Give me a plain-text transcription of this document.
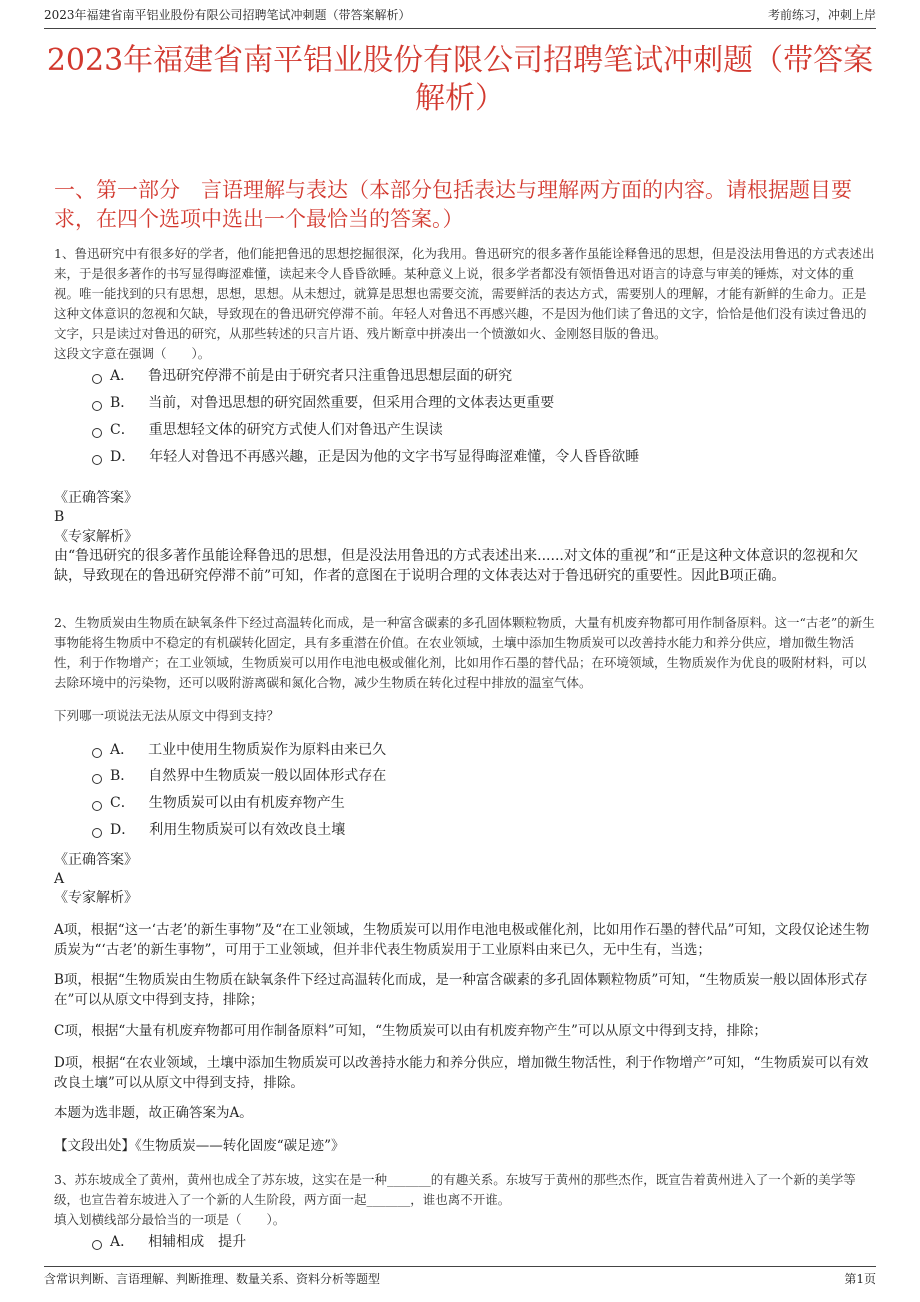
2023年福建省南平铝业股份有限公司招聘笔试冲刺题（带答案解析）	考前练习，冲刺上岸
2023年福建省南平铝业股份有限公司招聘笔试冲刺题（带答案解析）
一、第一部分　言语理解与表达（本部分包括表达与理解两方面的内容。请根据题目要求，在四个选项中选出一个最恰当的答案。）

1、鲁迅研究中有很多好的学者，他们能把鲁迅的思想挖掘很深，化为我用。鲁迅研究的很多著作虽能诠释鲁迅的思想，但是没法用鲁迅的方式表述出来，于是很多著作的书写显得晦涩难懂，读起来令人昏昏欲睡。某种意义上说，很多学者都没有领悟鲁迅对语言的诗意与审美的锤炼，对文体的重视。唯一能找到的只有思想，思想，思想。从未想过，就算是思想也需要交流，需要鲜活的表达方式，需要别人的理解，才能有新鲜的生命力。正是这种文体意识的忽视和欠缺，导致现在的鲁迅研究停滞不前。年轻人对鲁迅不再感兴趣，不是因为他们读了鲁迅的文字，恰恰是他们没有读过鲁迅的文字，只是读过对鲁迅的研究，从那些转述的只言片语、残片断章中拼凑出一个愤激如火、金刚怒目版的鲁迅。

这段文字意在强调（　　）。

A． 鲁迅研究停滞不前是由于研究者只注重鲁迅思想层面的研究
B． 当前，对鲁迅思想的研究固然重要，但采用合理的文体表达更重要
C． 重思想轻文体的研究方式使人们对鲁迅产生误读
D． 年轻人对鲁迅不再感兴趣，正是因为他的文字书写显得晦涩难懂，令人昏昏欲睡

《正确答案》

B

《专家解析》

由“鲁迅研究的很多著作虽能诠释鲁迅的思想，但是没法用鲁迅的方式表述出来......对文体的重视”和“正是这种文体意识的忽视和欠缺，导致现在的鲁迅研究停滞不前”可知，作者的意图在于说明合理的文体表达对于鲁迅研究的重要性。因此B项正确。

2、生物质炭由生物质在缺氧条件下经过高温转化而成，是一种富含碳素的多孔固体颗粒物质，大量有机废弃物都可用作制备原料。这一“古老”的新生事物能将生物质中不稳定的有机碳转化固定，具有多重潜在价值。在农业领域，土壤中添加生物质炭可以改善持水能力和养分供应，增加微生物活性，利于作物增产；在工业领域，生物质炭可以用作电池电极或催化剂，比如用作石墨的替代品；在环境领域，生物质炭作为优良的吸附材料，可以去除环境中的污染物，还可以吸附游离碳和氮化合物，减少生物质在转化过程中排放的温室气体。

下列哪一项说法无法从原文中得到支持？

A． 工业中使用生物质炭作为原料由来已久
B． 自然界中生物质炭一般以固体形式存在
C． 生物质炭可以由有机废弃物产生
D． 利用生物质炭可以有效改良土壤

《正确答案》

A

《专家解析》

A项，根据“这一‘古老’的新生事物”及“在工业领域，生物质炭可以用作电池电极或催化剂，比如用作石墨的替代品”可知，文段仅论述生物质炭为“‘古老’的新生事物”，可用于工业领域，但并非代表生物质炭用于工业原料由来已久，无中生有，当选；

B项，根据“生物质炭由生物质在缺氧条件下经过高温转化而成，是一种富含碳素的多孔固体颗粒物质”可知，“生物质炭一般以固体形式存在”可以从原文中得到支持，排除；

C项，根据“大量有机废弃物都可用作制备原料”可知，“生物质炭可以由有机废弃物产生”可以从原文中得到支持，排除；

D项，根据“在农业领域，土壤中添加生物质炭可以改善持水能力和养分供应，增加微生物活性，利于作物增产”可知，“生物质炭可以有效改良土壤”可以从原文中得到支持，排除。

本题为选非题，故正确答案为A。

【文段出处】《生物质炭——转化固废“碳足迹”》

3、苏东坡成全了黄州，黄州也成全了苏东坡，这实在是一种_______的有趣关系。东坡写于黄州的那些杰作，既宣告着黄州进入了一个新的美学等级，也宣告着东坡进入了一个新的人生阶段，两方面一起_______，谁也离不开谁。

填入划横线部分最恰当的一项是（　　）。

A． 相辅相成　提升
含常识判断、言语理解、判断推理、数量关系、资料分析等题型	第1页
